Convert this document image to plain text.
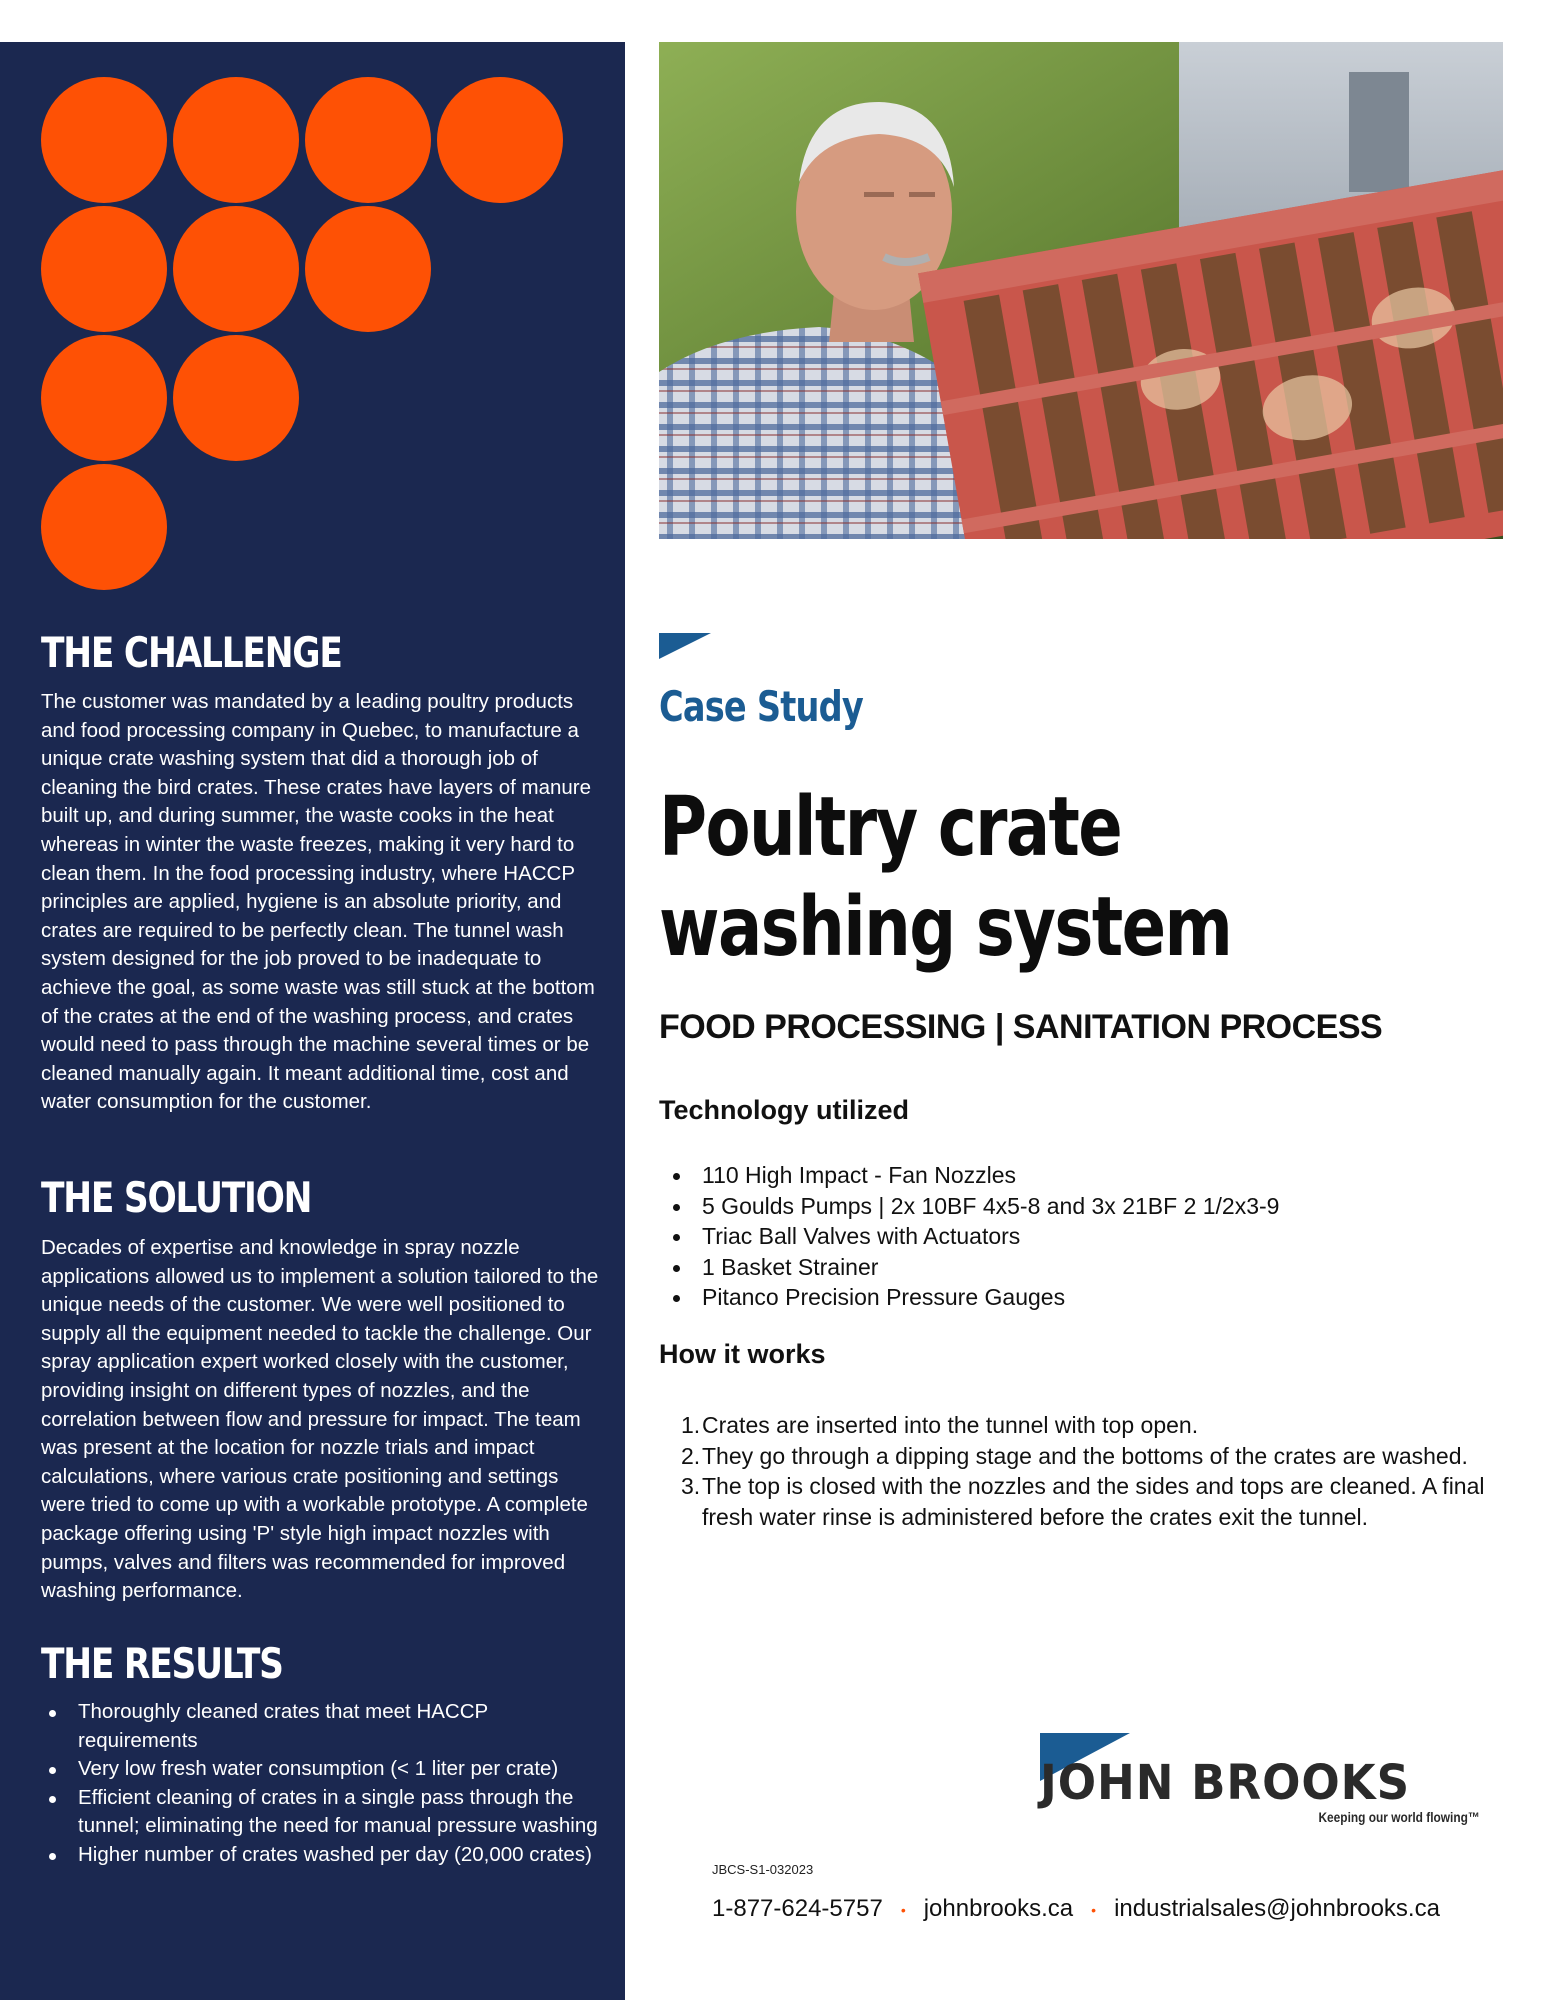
THE CHALLENGE

The customer was mandated by a leading poultry products and food processing company in Quebec, to manufacture a unique crate washing system that did a thorough job of cleaning the bird crates. These crates have layers of manure built up, and during summer, the waste cooks in the heat whereas in winter the waste freezes, making it very hard to clean them. In the food processing industry, where HACCP principles are applied, hygiene is an absolute priority, and crates are required to be perfectly clean. The tunnel wash system designed for the job proved to be inadequate to achieve the goal, as some waste was still stuck at the bottom of the crates at the end of the washing process, and crates would need to pass through the machine several times or be cleaned manually again. It meant additional time, cost and water consumption for the customer.

THE SOLUTION

Decades of expertise and knowledge in spray nozzle applications allowed us to implement a solution tailored to the unique needs of the customer. We were well positioned to supply all the equipment needed to tackle the challenge. Our spray application expert worked closely with the customer, providing insight on different types of nozzles, and the correlation between flow and pressure for impact. The team was present at the location for nozzle trials and impact calculations, where various crate positioning and settings were tried to come up with a workable prototype. A complete package offering using 'P' style high impact nozzles with pumps, valves and filters was recommended for improved washing performance.

THE RESULTS
Thoroughly cleaned crates that meet HACCP requirements
Very low fresh water consumption (< 1 liter per crate)
Efficient cleaning of crates in a single pass through the tunnel; eliminating the need for manual pressure washing
Higher number of crates washed per day (20,000 crates)

Case Study

Poultry crate
washing system

FOOD PROCESSING | SANITATION PROCESS

Technology utilized

110 High Impact - Fan Nozzles
5 Goulds Pumps | 2x 10BF 4x5-8 and 3x 21BF 2 1/2x3-9
Triac Ball Valves with Actuators
1 Basket Strainer
Pitanco Precision Pressure Gauges

How it works

1. Crates are inserted into the tunnel with top open.
2. They go through a dipping stage and the bottoms of the crates are washed.
3. The top is closed with the nozzles and the sides and tops are cleaned. A final fresh water rinse is administered before the crates exit the tunnel.

JOHN BROOKS

Keeping our world flowing™

JBCS-S1-032023

1-877-624-5757 • johnbrooks.ca • industrialsales@johnbrooks.ca
